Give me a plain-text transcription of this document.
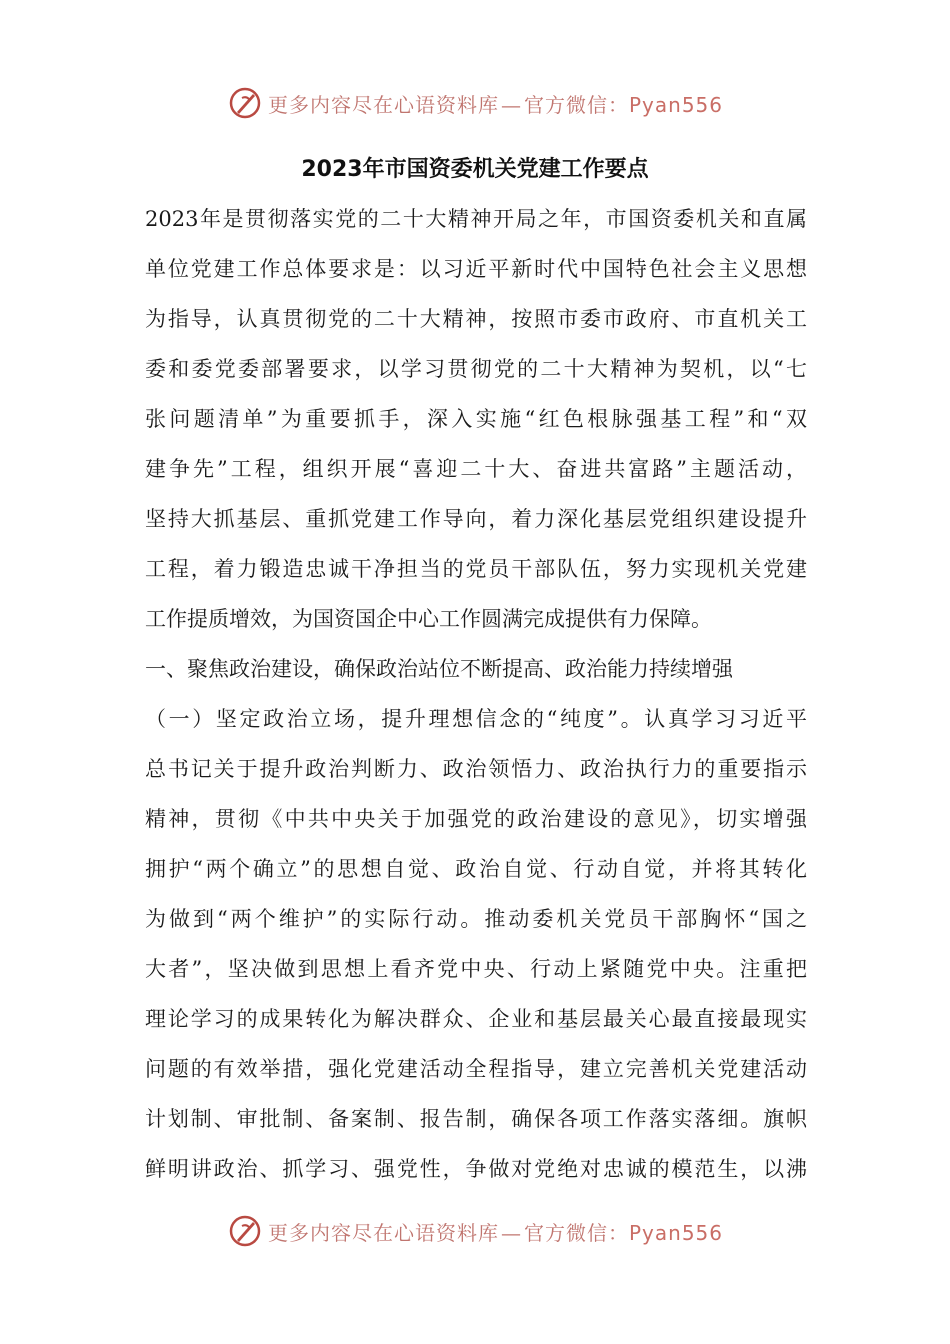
更多内容尽在心语资料库 — 官方微信：Pyan556
2023年市国资委机关党建工作要点
2023年是贯彻落实党的二十大精神开局之年，市国资委机关和直属
单位党建工作总体要求是：以习近平新时代中国特色社会主义思想
为指导，认真贯彻党的二十大精神，按照市委市政府、市直机关工
委和委党委部署要求，以学习贯彻党的二十大精神为契机，以“七
张问题清单”为重要抓手，深入实施“红色根脉强基工程”和“双
建争先”工程，组织开展“喜迎二十大、奋进共富路”主题活动，
坚持大抓基层、重抓党建工作导向，着力深化基层党组织建设提升
工程，着力锻造忠诚干净担当的党员干部队伍，努力实现机关党建
工作提质增效，为国资国企中心工作圆满完成提供有力保障。
一、聚焦政治建设，确保政治站位不断提高、政治能力持续增强
（一）坚定政治立场，提升理想信念的“纯度”。认真学习习近平
总书记关于提升政治判断力、政治领悟力、政治执行力的重要指示
精神，贯彻《中共中央关于加强党的政治建设的意见》，切实增强
拥护“两个确立”的思想自觉、政治自觉、行动自觉，并将其转化
为做到“两个维护”的实际行动。推动委机关党员干部胸怀“国之
大者”，坚决做到思想上看齐党中央、行动上紧随党中央。注重把
理论学习的成果转化为解决群众、企业和基层最关心最直接最现实
问题的有效举措，强化党建活动全程指导，建立完善机关党建活动
计划制、审批制、备案制、报告制，确保各项工作落实落细。旗帜
鲜明讲政治、抓学习、强党性，争做对党绝对忠诚的模范生，以沸
更多内容尽在心语资料库 — 官方微信：Pyan556
